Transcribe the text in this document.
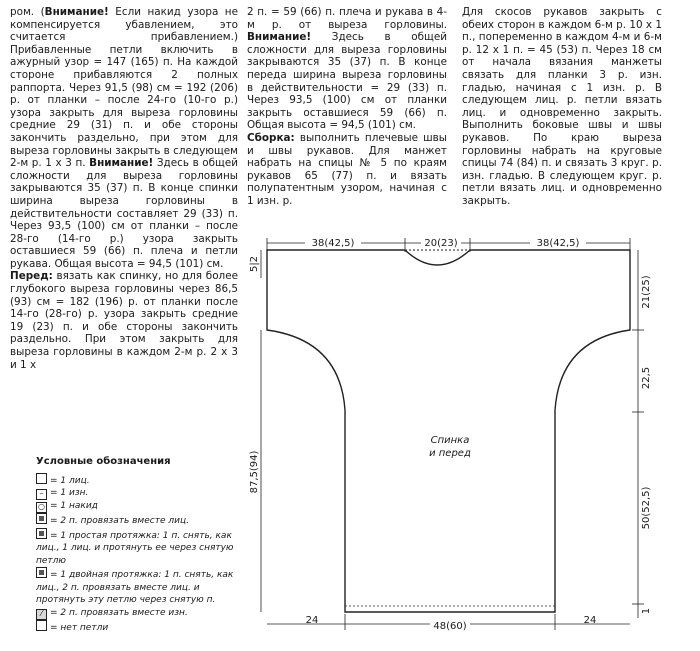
ром. (Внимание! Если накид узора не компенсируется убавлением, это считается прибавлением.) Прибавленные петли включить в ажурный узор = 147 (165) п. На каждой стороне прибавляются 2 полных раппорта. Через 91,5 (98) см = 192 (206) р. от планки – после 24-го (10-го р.) узора закрыть для выреза горловины средние 29 (31) п. и обе стороны закончить раздельно, при этом для выреза горловины закрыть в следующем 2-м р. 1 x 3 п. Внимание! Здесь в общей сложности для выреза горловины закрываются 35 (37) п. В конце спинки ширина выреза горловины в действительности составляет 29 (33) п. Через 93,5 (100) см от планки – после 28-го (14-го р.) узора закрыть оставшиеся 59 (66) п. плеча и петли рукава. Общая высота = 94,5 (101) см.

Перед: вязать как спинку, но для более глубокого выреза горловины через 86,5 (93) см = 182 (196) р. от планки после 14-го (28-го) р. узора закрыть средние 19 (23) п. и обе стороны закончить раздельно. При этом закрыть для выреза горловины в каждом 2-м р. 2 x 3 и 1 x

2 п. = 59 (66) п. плеча и рукава в 4-м р. от выреза горловины. Внимание! Здесь в общей сложности для выреза горловины закрываются 35 (37) п. В конце переда ширина выреза горловины в действительности = 29 (33) п. Через 93,5 (100) см от планки закрыть оставшиеся 59 (66) п. Общая высота = 94,5 (101) см.

Сборка: выполнить плечевые швы и швы рукавов. Для манжет набрать на спицы № 5 по краям рукавов 65 (77) п. и вязать полупатентным узором, начиная с 1 изн. р.

Для скосов рукавов закрыть с обеих сторон в каждом 6-м р. 10 x 1 п., попеременно в каждом 4-м и 6-м р. 12 x 1 п. = 45 (53) п. Через 18 см от начала вязания манжеты связать для планки 3 р. изн. гладью, начиная с 1 изн. р. В следующем лиц. р. петли вязать лиц. и одновременно закрыть. Выполнить боковые швы и швы рукавов. По краю выреза горловины набрать на круговые спицы 74 (84) п. и связать 3 круг. р. изн. гладью. В следующем круг. р. петли вязать лиц. и одновременно закрыть.

Условные обозначения
= 1 лиц.
– = 1 изн.
○ = 1 накид
= 2 п. провязать вместе лиц.
= 1 простая протяжка: 1 п. снять, как лиц., 1 лиц. и протянуть ее через снятую петлю
= 1 двойная протяжка: 1 п. снять, как лиц., 2 п. провязать вместе лиц. и протянуть эту петлю через снятую п.
⁄ = 2 п. провязать вместе изн.
= нет петли
38(42,5)	20(23)	38(42,5)
5|2
87,5(94)
21(25)
22,5
50(52,5)
1
24
48(60)
24
Спинка
и перед
